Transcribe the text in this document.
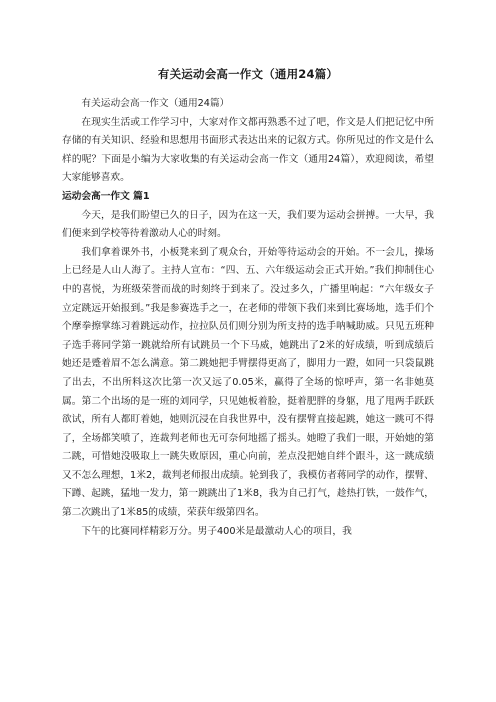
有关运动会高一作文（通用24篇）

有关运动会高一作文（通用24篇）

在现实生活或工作学习中，大家对作文都再熟悉不过了吧，作文是人们把记忆中所存储的有关知识、经验和思想用书面形式表达出来的记叙方式。你所见过的作文是什么样的呢？下面是小编为大家收集的有关运动会高一作文（通用24篇），欢迎阅读，希望大家能够喜欢。

运动会高一作文 篇1

今天，是我们盼望已久的日子，因为在这一天，我们要为运动会拼搏。一大早，我们便来到学校等待着激动人心的时刻。

我们拿着课外书，小板凳来到了观众台，开始等待运动会的开始。不一会儿，操场上已经是人山人海了。主持人宣布：“四、五、六年级运动会正式开始。”我们抑制住心中的喜悦，为班级荣誉而战的时刻终于到来了。没过多久，广播里响起：“六年级女子立定跳远开始报到。”我是参赛选手之一，在老师的带领下我们来到比赛场地，选手们个个摩拳擦掌练习着跳远动作，拉拉队员们则分别为所支持的选手呐喊助威。只见五班种子选手蒋同学第一跳就给所有试跳员一个下马威，她跳出了2米的好成绩，听到成绩后她还是蹙着眉不怎么满意。第二跳她把手臂摆得更高了，脚用力一蹬，如同一只袋鼠跳了出去，不出所料这次比第一次又远了0.05米，赢得了全场的惊呼声，第一名非她莫属。第二个出场的是一班的刘同学，只见她板着脸，挺着肥胖的身躯，甩了甩两手跃跃欲试，所有人都盯着她，她则沉浸在自我世界中，没有摆臂直接起跳，她这一跳可不得了，全场都笑喷了，连裁判老师也无可奈何地摇了摇头。她瞪了我们一眼，开始她的第二跳，可惜她没吸取上一跳失败原因，重心向前，差点没把她自绊个跟斗，这一跳成绩又不怎么理想，1米2，裁判老师报出成绩。轮到我了，我模仿者蒋同学的动作，摆臂、下蹲、起跳，猛地一发力，第一跳跳出了1米8，我为自己打气，趁热打铁，一鼓作气，第二次跳出了1米85的成绩，荣获年级第四名。

下午的比赛同样精彩万分。男子400米是最激动人心的项目，我
